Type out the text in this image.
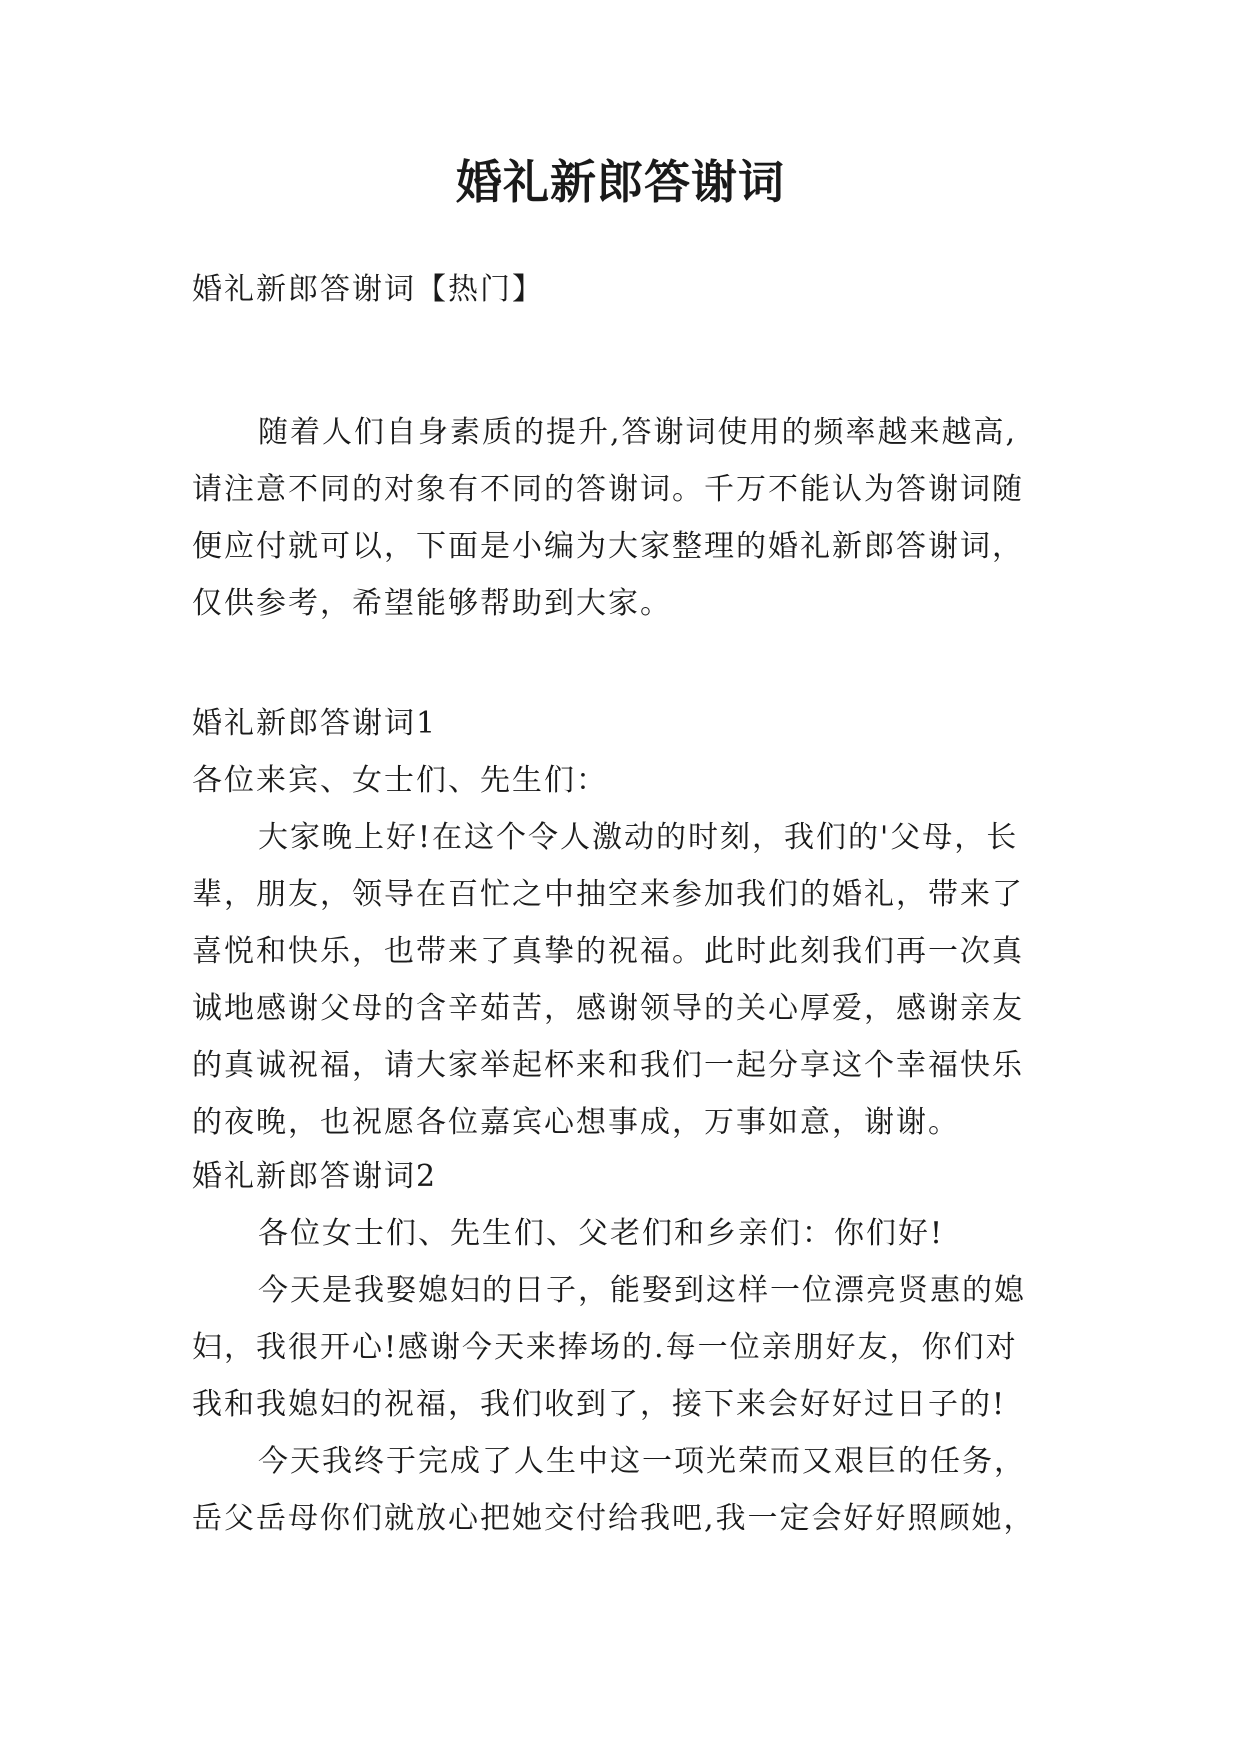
婚礼新郎答谢词

婚礼新郎答谢词【热门】

随着人们自身素质的提升,答谢词使用的频率越来越高,

请注意不同的对象有不同的答谢词。千万不能认为答谢词随

便应付就可以，下面是小编为大家整理的婚礼新郎答谢词，

仅供参考，希望能够帮助到大家。

婚礼新郎答谢词1

各位来宾、女士们、先生们：

大家晚上好!在这个令人激动的时刻，我们的'父母，长

辈，朋友，领导在百忙之中抽空来参加我们的婚礼，带来了

喜悦和快乐，也带来了真挚的祝福。此时此刻我们再一次真

诚地感谢父母的含辛茹苦，感谢领导的关心厚爱，感谢亲友

的真诚祝福，请大家举起杯来和我们一起分享这个幸福快乐

的夜晚，也祝愿各位嘉宾心想事成，万事如意，谢谢。

婚礼新郎答谢词2

各位女士们、先生们、父老们和乡亲们：你们好!

今天是我娶媳妇的日子，能娶到这样一位漂亮贤惠的媳

妇，我很开心!感谢今天来捧场的.每一位亲朋好友，你们对

我和我媳妇的祝福，我们收到了，接下来会好好过日子的!

今天我终于完成了人生中这一项光荣而又艰巨的任务，

岳父岳母你们就放心把她交付给我吧,我一定会好好照顾她，
